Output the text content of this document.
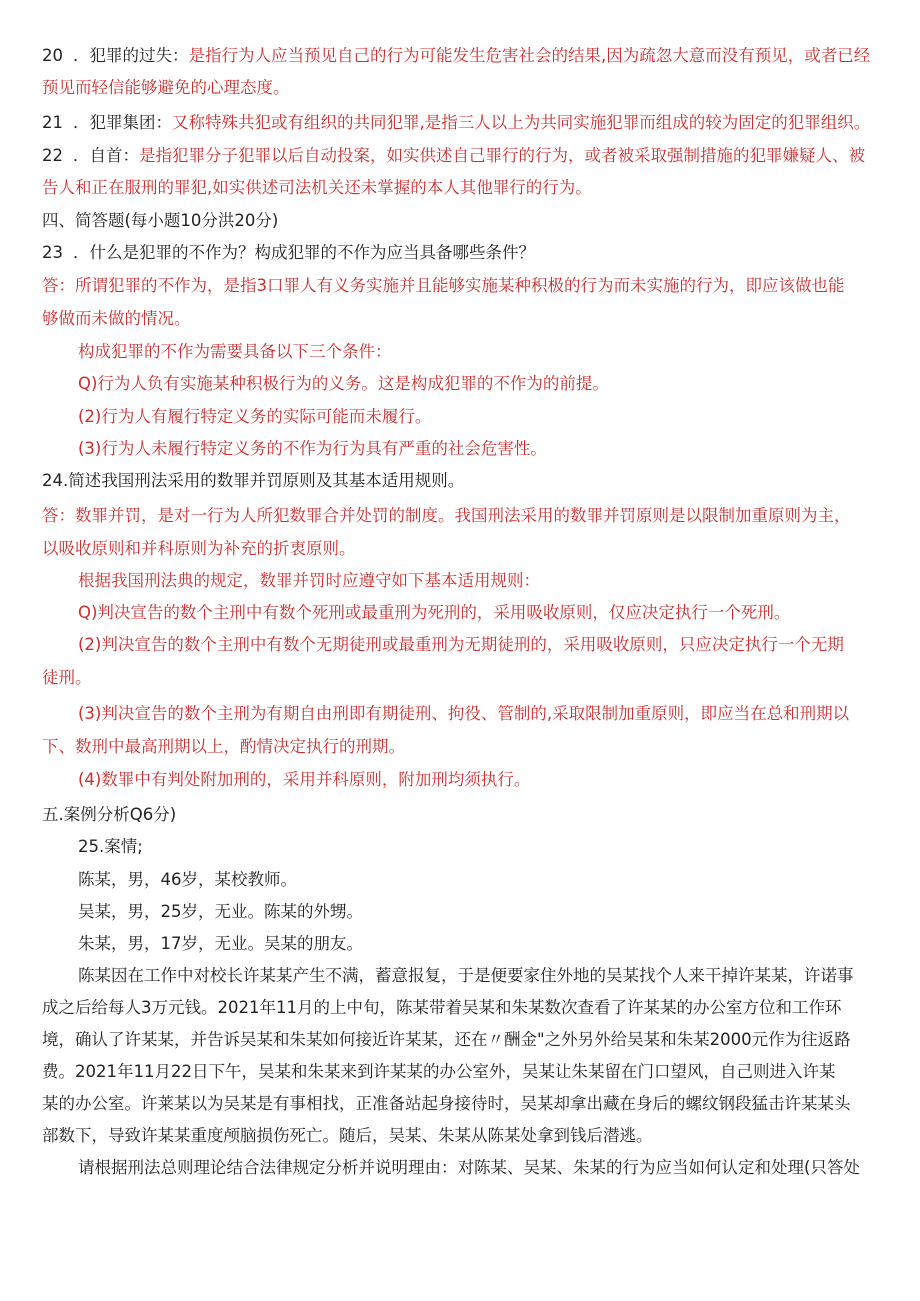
20 ．犯罪的过失：是指行为人应当预见自己的行为可能发生危害社会的结果,因为疏忽大意而没有预见，或者已经
预见而轻信能够避免的心理态度。
21 ．犯罪集团：又称特殊共犯或有组织的共同犯罪,是指三人以上为共同实施犯罪而组成的较为固定的犯罪组织。
22 ．自首：是指犯罪分子犯罪以后自动投案，如实供述自己罪行的行为，或者被采取强制措施的犯罪嫌疑人、被
告人和正在服刑的罪犯,如实供述司法机关还未掌握的本人其他罪行的行为。
四、简答题(每小题10分洪20分)
23 ．什么是犯罪的不作为？构成犯罪的不作为应当具备哪些条件？
答：所谓犯罪的不作为，是指3口罪人有义务实施并且能够实施某种积极的行为而未实施的行为，即应该做也能
够做而未做的情况。
构成犯罪的不作为需要具备以下三个条件：
Q)行为人负有实施某种积极行为的义务。这是构成犯罪的不作为的前提。
(2)行为人有履行特定义务的实际可能而未履行。
(3)行为人未履行特定义务的不作为行为具有严重的社会危害性。
24.简述我国刑法采用的数罪并罚原则及其基本适用规则。
答：数罪并罚，是对一行为人所犯数罪合并处罚的制度。我国刑法采用的数罪并罚原则是以限制加重原则为主，
以吸收原则和并科原则为补充的折衷原则。
根据我国刑法典的规定，数罪并罚时应遵守如下基本适用规则：
Q)判决宣告的数个主刑中有数个死刑或最重刑为死刑的，采用吸收原则，仅应决定执行一个死刑。
(2)判决宣告的数个主刑中有数个无期徒刑或最重刑为无期徒刑的，采用吸收原则，只应决定执行一个无期
徒刑。
(3)判决宣告的数个主刑为有期自由刑即有期徒刑、拘役、管制的,采取限制加重原则，即应当在总和刑期以
下、数刑中最高刑期以上，酌情决定执行的刑期。
(4)数罪中有判处附加刑的，采用并科原则，附加刑均须执行。
五.案例分析Q6分)
25.案情;
陈某，男，46岁，某校教师。
吴某，男，25岁，无业。陈某的外甥。
朱某，男，17岁，无业。吴某的朋友。
陈某因在工作中对校长许某某产生不满，蓄意报复，于是便要家住外地的吴某找个人来干掉许某某，许诺事
成之后给每人3万元钱。2021年11月的上中旬，陈某带着吴某和朱某数次查看了许某某的办公室方位和工作环
境，确认了许某某，并告诉吴某和朱某如何接近许某某，还在〃酬金"之外另外给吴某和朱某2000元作为往返路
费。2021年11月22日下午，吴某和朱某来到许某某的办公室外，吴某让朱某留在门口望风，自己则进入许某
某的办公室。许莱某以为吴某是有事相找，正准备站起身接待时，吴某却拿出藏在身后的螺纹钢段猛击许某某头
部数下，导致许某某重度颅脑损伤死亡。随后，吴某、朱某从陈某处拿到钱后潜逃。
请根据刑法总则理论结合法律规定分析并说明理由：对陈某、吴某、朱某的行为应当如何认定和处理(只答处
